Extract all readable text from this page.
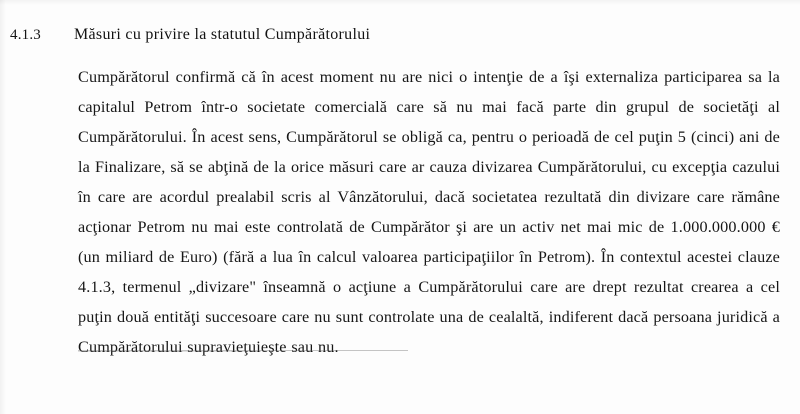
4.1.3	Măsuri cu privire la statutul Cumpărătorului

Cumpărătorul confirmă că în acest moment nu are nici o intenţie de a îşi externaliza participarea sa la capitalul Petrom într-o societate comercială care să nu mai facă parte din grupul de societăţi al Cumpărătorului. În acest sens, Cumpărătorul se obligă ca, pentru o perioadă de cel puţin 5 (cinci) ani de la Finalizare, să se abţină de la orice măsuri care ar cauza divizarea Cumpărătorului, cu excepţia cazului în care are acordul prealabil scris al Vânzătorului, dacă societatea rezultată din divizare care rămâne acţionar Petrom nu mai este controlată de Cumpărător şi are un activ net mai mic de 1.000.000.000 € (un miliard de Euro) (fără a lua în calcul valoarea participaţiilor în Petrom). În contextul acestei clauze 4.1.3, termenul „divizare" înseamnă o acţiune a Cumpărătorului care are drept rezultat crearea a cel puţin două entităţi succesoare care nu sunt controlate una de cealaltă, indiferent dacă persoana juridică a Cumpărătorului supravieţuieşte sau nu.
